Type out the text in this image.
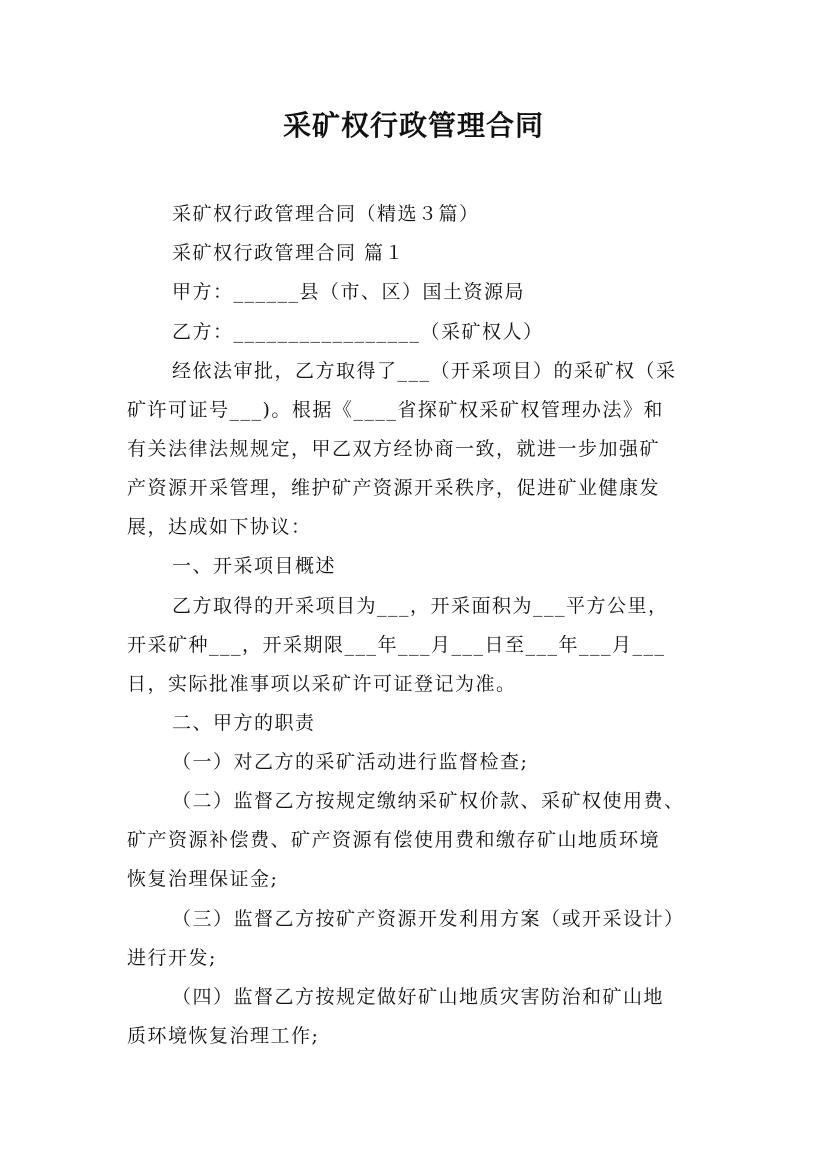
采矿权行政管理合同
采矿权行政管理合同（精选３篇）
采矿权行政管理合同 篇１
甲方：______县（市、区）国土资源局
乙方：_________________（采矿权人）
经依法审批，乙方取得了___（开采项目）的采矿权（采
矿许可证号___)。根据《____省探矿权采矿权管理办法》和
有关法律法规规定，甲乙双方经协商一致，就进一步加强矿
产资源开采管理，维护矿产资源开采秩序，促进矿业健康发
展，达成如下协议：
一、开采项目概述
乙方取得的开采项目为___，开采面积为___平方公里，
开采矿种___，开采期限___年___月___日至___年___月___
日，实际批准事项以采矿许可证登记为准。
二、甲方的职责
（一）对乙方的采矿活动进行监督检查;
（二）监督乙方按规定缴纳采矿权价款、采矿权使用费、
矿产资源补偿费、矿产资源有偿使用费和缴存矿山地质环境
恢复治理保证金;
（三）监督乙方按矿产资源开发利用方案（或开采设计）
进行开发;
（四）监督乙方按规定做好矿山地质灾害防治和矿山地
质环境恢复治理工作;
